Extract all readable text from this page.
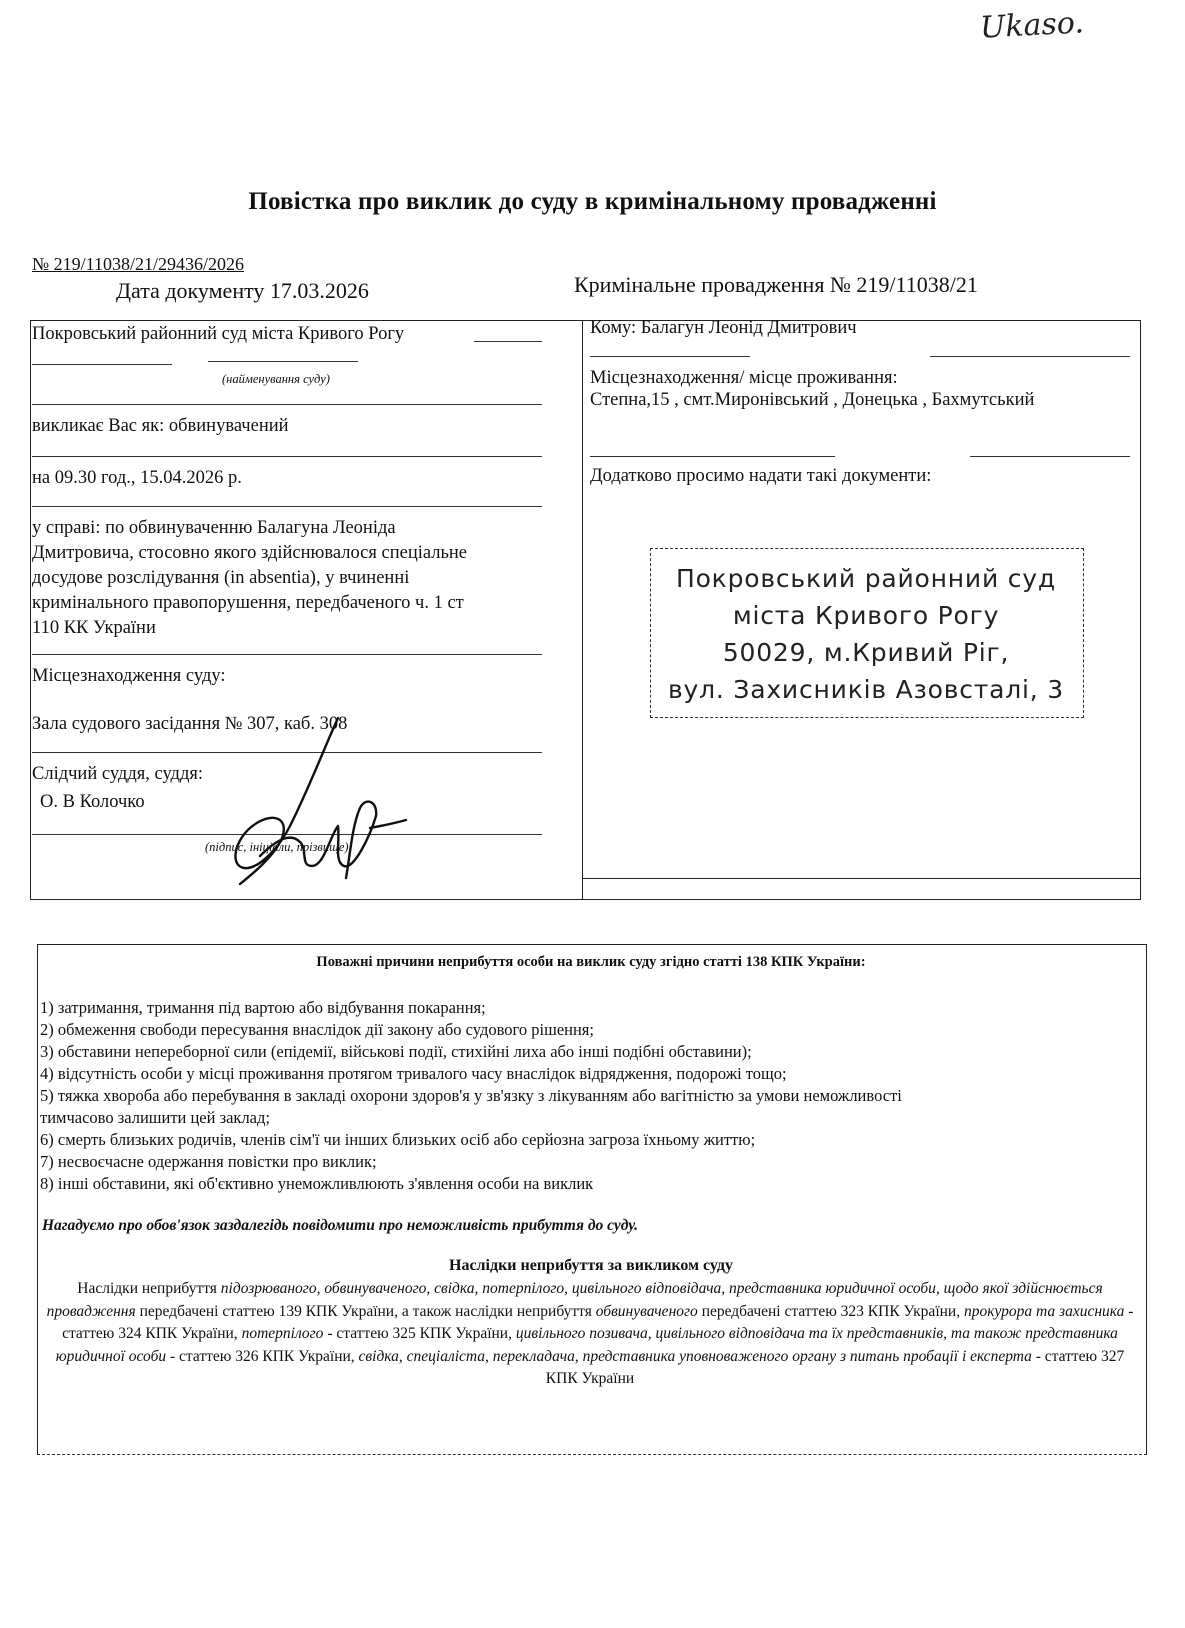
Ukaso.
Повістка про виклик до суду в кримінальному провадженні
№ 219/11038/21/29436/2026
Дата документу 17.03.2026	Кримінальне провадження № 219/11038/21
Покровський районний суд міста Кривого Рогу
(найменування суду)
викликає Вас як: обвинувачений
на 09.30 год., 15.04.2026 р.
у справі: по обвинуваченню Балагуна Леоніда
Дмитровича, стосовно якого здійснювалося спеціальне
досудове розслідування (in absentia), у вчиненні
кримінального правопорушення, передбаченого ч. 1 ст
110 КК України
Місцезнаходження суду:
Зала судового засідання № 307, каб. 308
Слідчий суддя, суддя:
О. В Колочко
(підпис, ініціали, прізвище)
Кому: Балагун Леонід Дмитрович
Місцезнаходження/ місце проживання:
Степна,15 , смт.Миронівський , Донецька , Бахмутський
Додатково просимо надати такі документи:
Покровський районний суд
міста Кривого Рогу
50029, м.Кривий Ріг,
вул. Захисників Азовсталі, 3
Поважні причини неприбуття особи на виклик суду згідно статті 138 КПК України:
1) затримання, тримання під вартою або відбування покарання;
2) обмеження свободи пересування внаслідок дії закону або судового рішення;
3) обставини непереборної сили (епідемії, військові події, стихійні лиха або інші подібні обставини);
4) відсутність особи у місці проживання протягом тривалого часу внаслідок відрядження, подорожі тощо;
5) тяжка хвороба або перебування в закладі охорони здоров'я у зв'язку з лікуванням або вагітністю за умови неможливості
тимчасово залишити цей заклад;
6) смерть близьких родичів, членів сім'ї чи інших близьких осіб або серйозна загроза їхньому життю;
7) несвоєчасне одержання повістки про виклик;
8) інші обставини, які об'єктивно унеможливлюють з'явлення особи на виклик
Нагадуємо про обов'язок заздалегідь повідомити про неможливість прибуття до суду.
Наслідки неприбуття за викликом суду
Наслідки неприбуття підозрюваного, обвинуваченого, свідка, потерпілого, цивільного відповідача, представника юридичної особи, щодо якої здійснюється провадження передбачені статтею 139 КПК України, а також наслідки неприбуття обвинуваченого передбачені статтею 323 КПК України, прокурора та захисника - статтею 324 КПК України, потерпілого - статтею 325 КПК України, цивільного позивача, цивільного відповідача та їх представників, та також представника юридичної особи - статтею 326 КПК України, свідка, спеціаліста, перекладача, представника уповноваженого органу з питань пробації і експерта - статтею 327 КПК України
